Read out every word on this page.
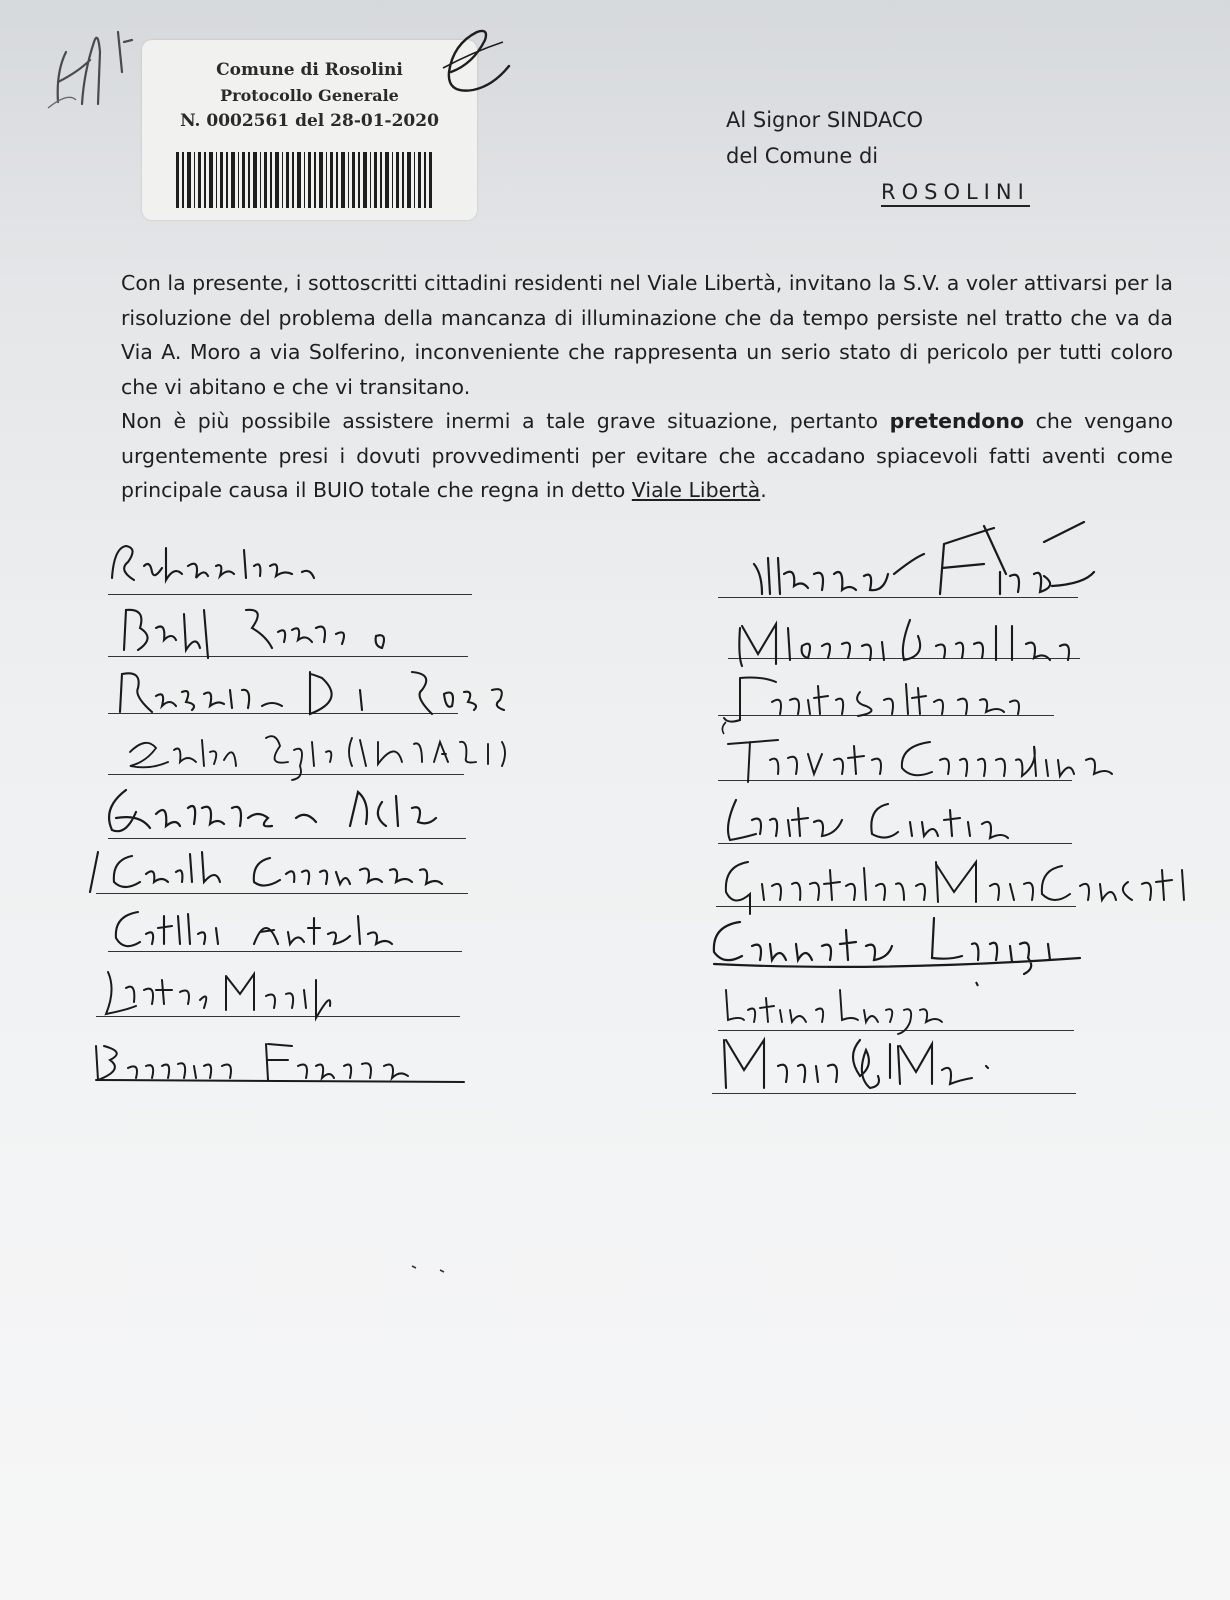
Comune di Rosolini
Protocollo Generale
N. 0002561 del 28-01-2020	Al Signor SINDACO
del Comune di
ROSOLINI

Con la presente, i sottoscritti cittadini residenti nel Viale Libertà, invitano la S.V. a voler attivarsi per la risoluzione del problema della mancanza di illuminazione che da tempo persiste nel tratto che va da Via A. Moro a via Solferino, inconveniente che rappresenta un serio stato di pericolo per tutti coloro che vi abitano e che vi transitano.

Non è più possibile assistere inermi a tale grave situazione, pertanto pretendono che vengano urgentemente presi i dovuti provvedimenti per evitare che accadano spiacevoli fatti aventi come principale causa il BUIO totale che regna in detto Viale Libertà.
